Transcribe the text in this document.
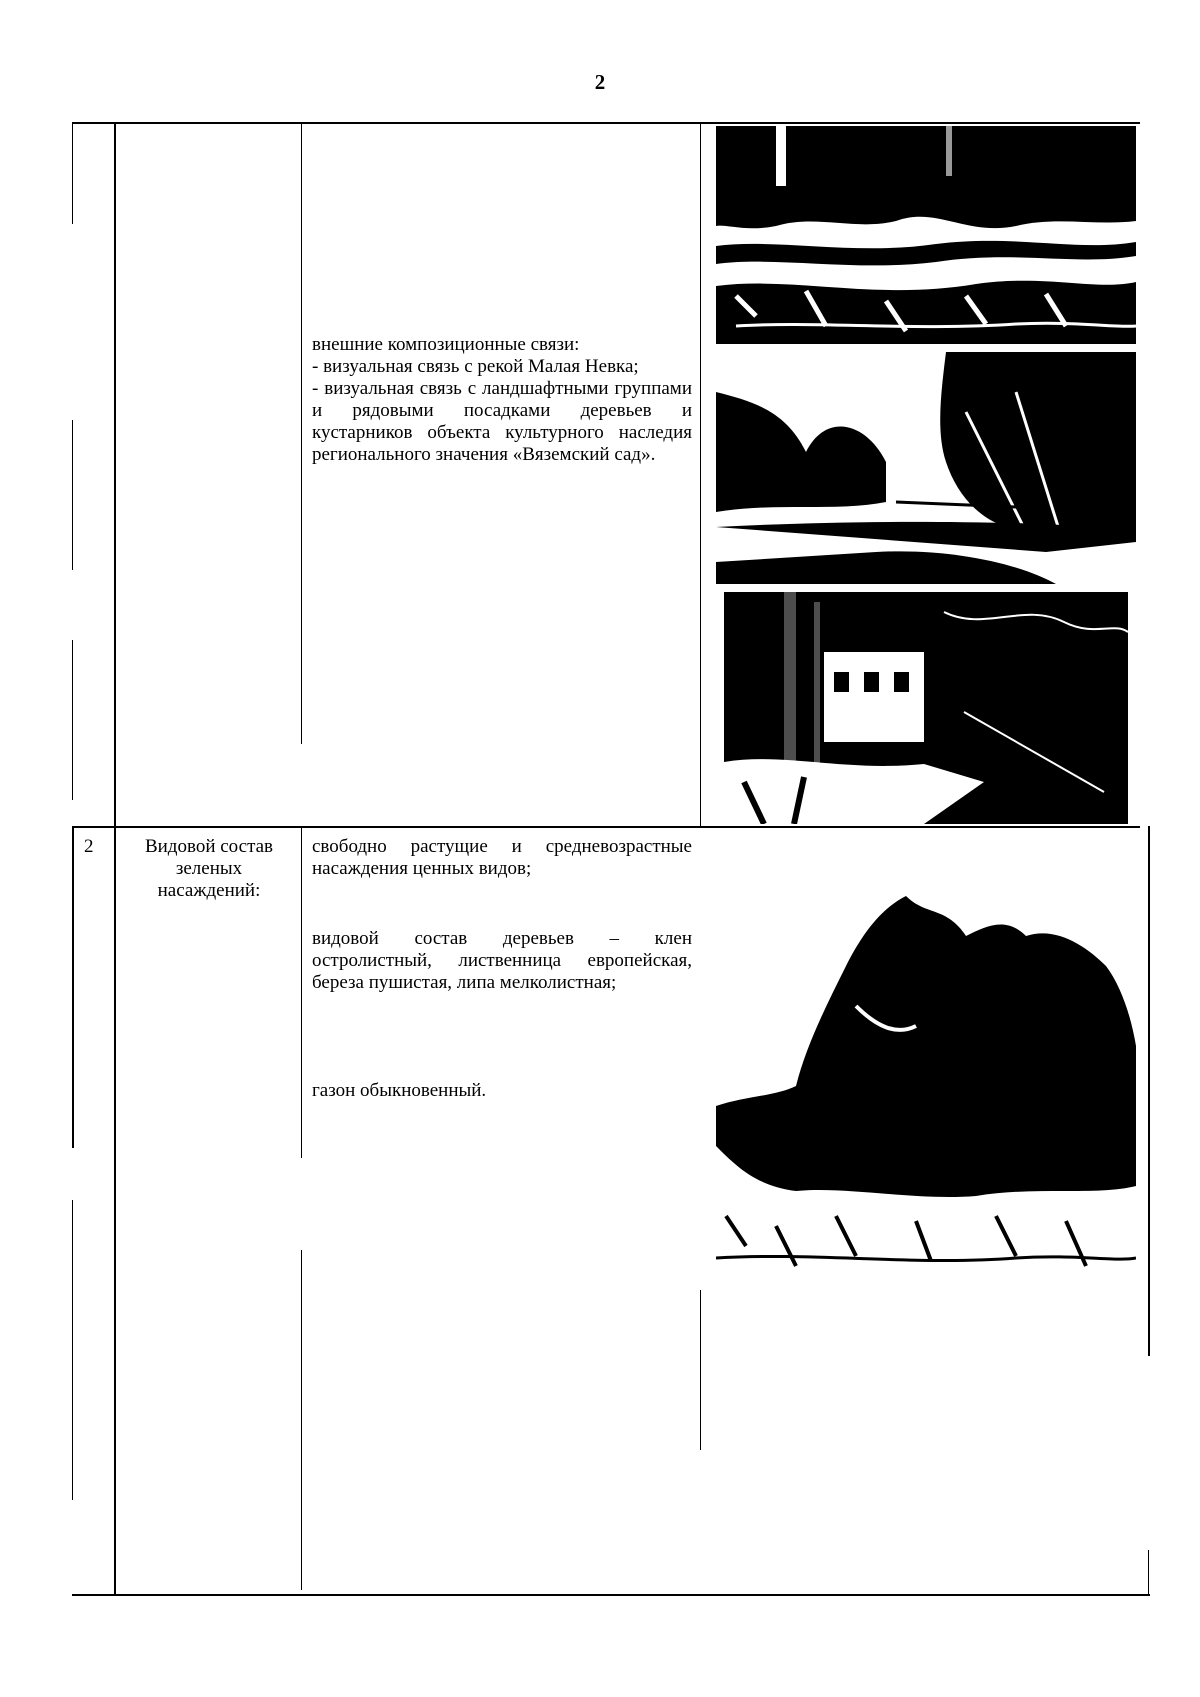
2
внешние композиционные связи:
- визуальная связь с рекой Малая Невка;
- визуальная связь с ландшафтными группами и рядовыми посадками деревьев и кустарников объекта культурного наследия регионального значения «Вяземский сад».
2	Видовой состав зеленых насаждений:
свободно растущие и средневозрастные насаждения ценных видов;
видовой состав деревьев – клен остролистный, лиственница европейская, береза пушистая, липа мелколистная;
газон обыкновенный.
